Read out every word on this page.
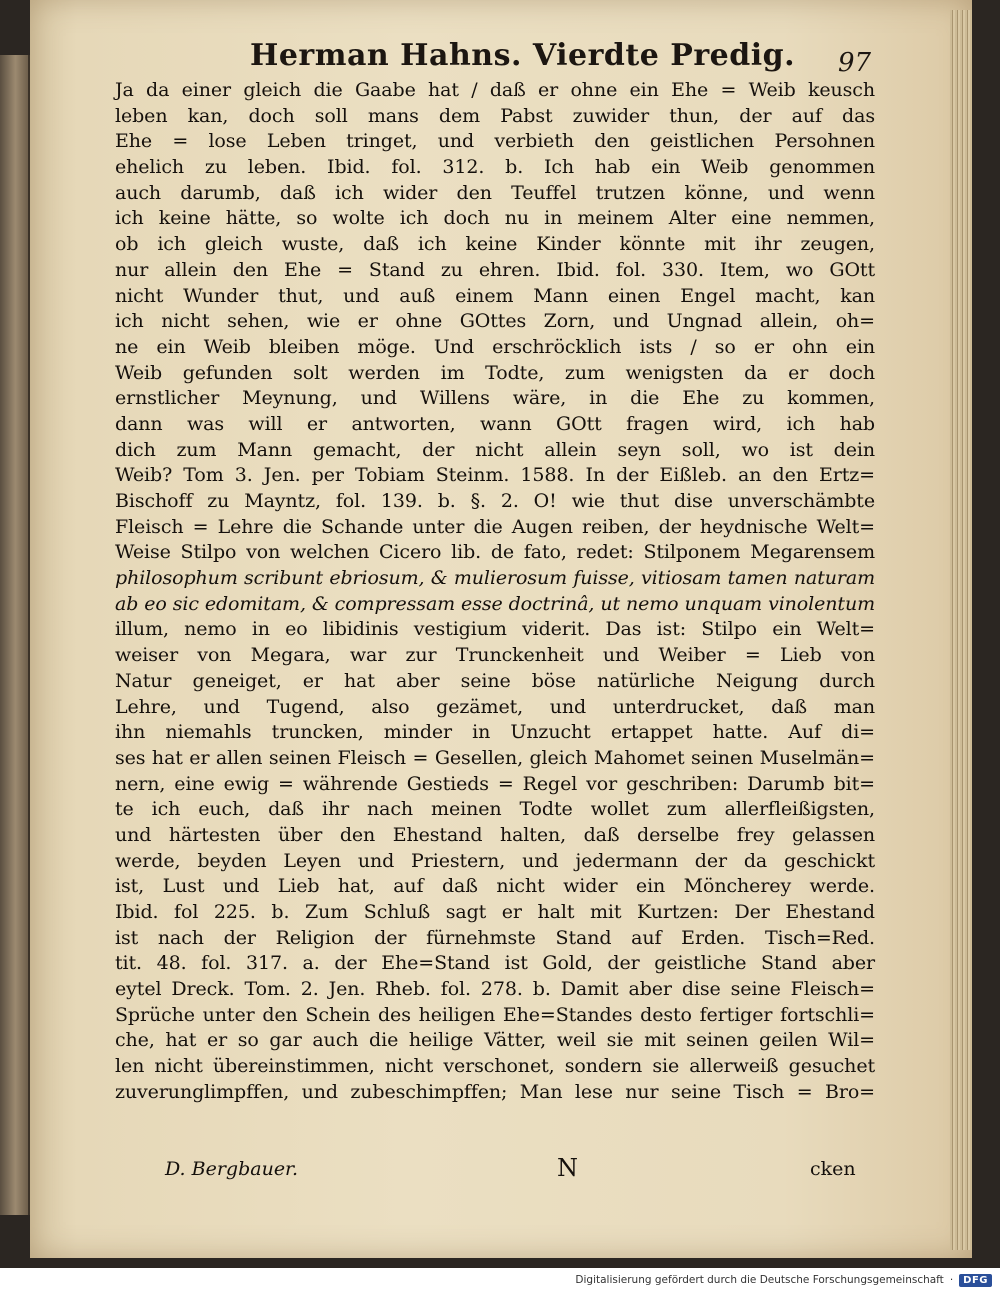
Herman Hahns. Vierdte Predig. 97
Ja da einer gleich die Gaabe hat / daß er ohne ein Ehe = Weib keusch
leben kan, doch soll mans dem Pabst zuwider thun, der auf das
Ehe = lose Leben tringet, und verbieth den geistlichen Persohnen
ehelich zu leben. Ibid. fol. 312. b. Ich hab ein Weib genommen
auch darumb, daß ich wider den Teuffel trutzen könne, und wenn
ich keine hätte, so wolte ich doch nu in meinem Alter eine nemmen,
ob ich gleich wuste, daß ich keine Kinder könnte mit ihr zeugen,
nur allein den Ehe = Stand zu ehren. Ibid. fol. 330. Item, wo GOtt
nicht Wunder thut, und auß einem Mann einen Engel macht, kan
ich nicht sehen, wie er ohne GOttes Zorn, und Ungnad allein, oh=
ne ein Weib bleiben möge. Und erschröcklich ists / so er ohn ein
Weib gefunden solt werden im Todte, zum wenigsten da er doch
ernstlicher Meynung, und Willens wäre, in die Ehe zu kommen,
dann was will er antworten, wann GOtt fragen wird, ich hab
dich zum Mann gemacht, der nicht allein seyn soll, wo ist dein
Weib? Tom 3. Jen. per Tobiam Steinm. 1588. In der Eißleb. an den Ertz=
Bischoff zu Mayntz, fol. 139. b. §. 2. O! wie thut dise unverschämbte
Fleisch = Lehre die Schande unter die Augen reiben, der heydnische Welt=
Weise Stilpo von welchen Cicero lib. de fato, redet: Stilponem Megarensem
philosophum scribunt ebriosum, & mulierosum fuisse, vitiosam tamen naturam
ab eo sic edomitam, & compressam esse doctrinâ, ut nemo unquam vinolentum
illum, nemo in eo libidinis vestigium viderit. Das ist: Stilpo ein Welt=
weiser von Megara, war zur Trunckenheit und Weiber = Lieb von
Natur geneiget, er hat aber seine böse natürliche Neigung durch
Lehre, und Tugend, also gezämet, und unterdrucket, daß man
ihn niemahls truncken, minder in Unzucht ertappet hatte. Auf di=
ses hat er allen seinen Fleisch = Gesellen, gleich Mahomet seinen Muselmän=
nern, eine ewig = währende Gestieds = Regel vor geschriben: Darumb bit=
te ich euch, daß ihr nach meinen Todte wollet zum allerfleißigsten,
und härtesten über den Ehestand halten, daß derselbe frey gelassen
werde, beyden Leyen und Priestern, und jedermann der da geschickt
ist, Lust und Lieb hat, auf daß nicht wider ein Möncherey werde.
Ibid. fol 225. b. Zum Schluß sagt er halt mit Kurtzen: Der Ehestand
ist nach der Religion der fürnehmste Stand auf Erden. Tisch=Red.
tit. 48. fol. 317. a. der Ehe=Stand ist Gold, der geistliche Stand aber
eytel Dreck. Tom. 2. Jen. Rheb. fol. 278. b. Damit aber dise seine Fleisch=
Sprüche unter den Schein des heiligen Ehe=Standes desto fertiger fortschli=
che, hat er so gar auch die heilige Vätter, weil sie mit seinen geilen Wil=
len nicht übereinstimmen, nicht verschonet, sondern sie allerweiß gesuchet
zuverunglimpffen, und zubeschimpffen; Man lese nur seine Tisch = Bro=
D. Bergbauer.	N	cken
Digitalisierung gefördert durch die Deutsche Forschungsgemeinschaft ·	DFG
